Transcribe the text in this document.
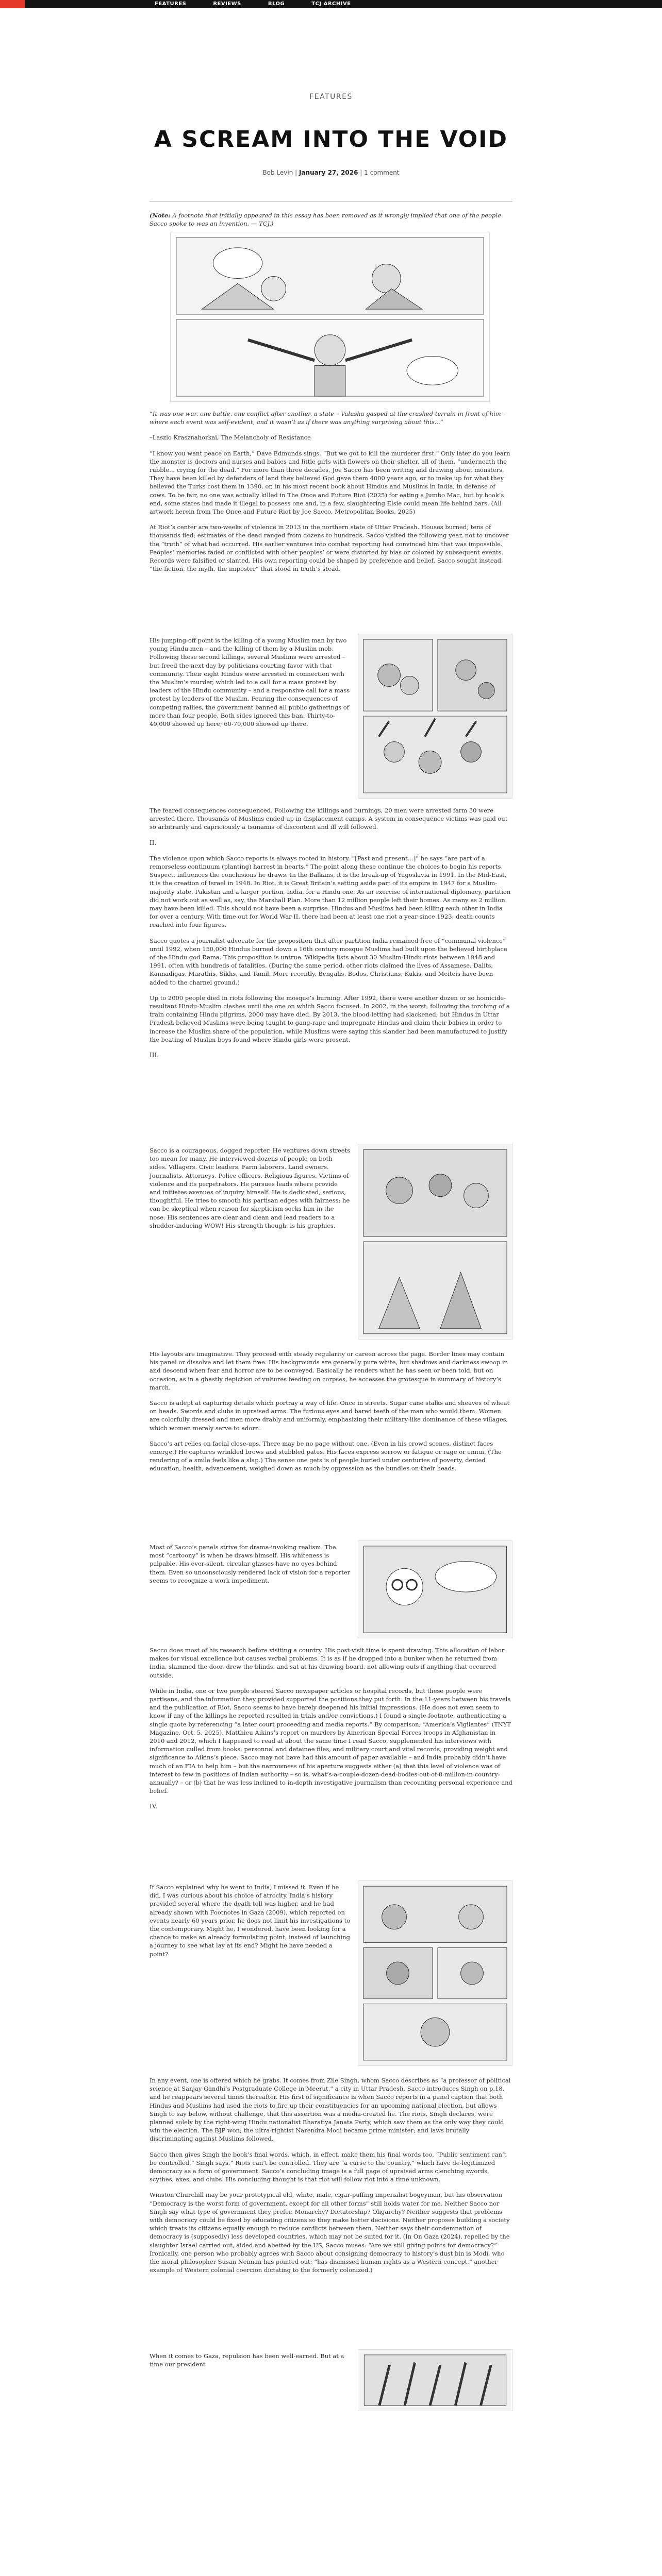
FEATURES	REVIEWS	BLOG	TCJ ARCHIVE
FEATURES
A SCREAM INTO THE VOID
Bob Levin | January 27, 2026 | 1 comment

(Note: A footnote that initially appeared in this essay has been removed as it wrongly implied that one of the people Sacco spoke to was an invention. — TCJ.)

“It was one war, one battle, one conflict after another, a state – Valusha gasped at the crushed terrain in front of him – where each event was self-evident, and it wasn’t as if there was anything surprising about this...”

–Laszlo Krasznahorkai, The Melancholy of Resistance

“I know you want peace on Earth,” Dave Edmunds sings. “But we got to kill the murderer first.” Only later do you learn the monster is doctors and nurses and babies and little girls with flowers on their shelter, all of them, “underneath the rubble... crying for the dead.” For more than three decades, Joe Sacco has been writing and drawing about monsters. They have been killed by defenders of land they believed God gave them 4000 years ago, or to make up for what they believed the Turks cost them in 1390, or, in his most recent book about Hindus and Muslims in India, in defense of cows. To be fair, no one was actually killed in The Once and Future Riot (2025) for eating a Jumbo Mac, but by book’s end, some states had made it illegal to possess one and, in a few, slaughtering Elsie could mean life behind bars. (All artwork herein from The Once and Future Riot by Joe Sacco, Metropolitan Books, 2025)

At Riot’s center are two-weeks of violence in 2013 in the northern state of Uttar Pradesh. Houses burned; tens of thousands fled; estimates of the dead ranged from dozens to hundreds. Sacco visited the following year, not to uncover the “truth” of what had occurred. His earlier ventures into combat reporting had convinced him that was impossible. Peoples’ memories faded or conflicted with other peoples’ or were distorted by bias or colored by subsequent events. Records were falsified or slanted. His own reporting could be shaped by preference and belief. Sacco sought instead, “the fiction, the myth, the imposter” that stood in truth’s stead.

His jumping-off point is the killing of a young Muslim man by two young Hindu men – and the killing of them by a Muslim mob. Following these second killings, several Muslims were arrested – but freed the next day by politicians courting favor with that community. Their eight Hindus were arrested in connection with the Muslim’s murder, which led to a call for a mass protest by leaders of the Hindu community – and a responsive call for a mass protest by leaders of the Muslim. Fearing the consequences of competing rallies, the government banned all public gatherings of more than four people. Both sides ignored this ban. Thirty-to-40,000 showed up here; 60-70,000 showed up there.

The feared consequences consequenced. Following the killings and burnings, 20 men were arrested farm 30 were arrested there. Thousands of Muslims ended up in displacement camps. A system in consequence victims was paid out so arbitrarily and capriciously a tsunamis of discontent and ill will followed.

II.

The violence upon which Sacco reports is always rooted in history. “[Past and present...]” he says “are part of a remorseless continuum (planting) harrest in hearts.” The point along these continue the choices to begin his reports. Suspect, influences the conclusions he draws. In the Balkans, it is the break-up of Yugoslavia in 1991. In the Mid-East, it is the creation of Israel in 1948. In Riot, it is Great Britain’s setting aside part of its empire in 1947 for a Muslim-majority state, Pakistan and a larger portion, India, for a Hindu one. As an exercise of international diplomacy, partition did not work out as well as, say, the Marshall Plan. More than 12 million people left their homes. As many as 2 million may have been killed. This should not have been a surprise. Hindus and Muslims had been killing each other in India for over a century. With time out for World War II, there had been at least one riot a year since 1923; death counts reached into four figures.

Sacco quotes a journalist advocate for the proposition that after partition India remained free of “communal violence” until 1992, when 150,000 Hindus burned down a 16th century mosque Muslims had built upon the believed birthplace of the Hindu god Rama. This proposition is untrue. Wikipedia lists about 30 Muslim-Hindu riots between 1948 and 1991, often with hundreds of fatalities. (During the same period, other riots claimed the lives of Assamese, Dalits, Kannadigas, Marathis, Sikhs, and Tamil. More recently, Bengalis, Bodos, Christians, Kukis, and Meiteis have been added to the charnel ground.)

Up to 2000 people died in riots following the mosque’s burning. After 1992, there were another dozen or so homicide-resultant Hindu-Muslim clashes until the one on which Sacco focused. In 2002, in the worst, following the torching of a train containing Hindu pilgrims, 2000 may have died. By 2013, the blood-letting had slackened; but Hindus in Uttar Pradesh believed Muslims were being taught to gang-rape and impregnate Hindus and claim their babies in order to increase the Muslim share of the population, while Muslims were saying this slander had been manufactured to justify the beating of Muslim boys found where Hindu girls were present.

III.

Sacco is a courageous, dogged reporter. He ventures down streets too mean for many. He interviewed dozens of people on both sides. Villagers. Civic leaders. Farm laborers. Land owners. Journalists. Attorneys. Police officers. Religious figures. Victims of violence and its perpetrators. He pursues leads where provide and initiates avenues of inquiry himself. He is dedicated, serious, thoughtful. He tries to smooth his partisan edges with fairness; he can be skeptical when reason for skepticism socks him in the nose. His sentences are clear and clean and lead readers to a shudder-inducing WOW! His strength though, is his graphics.

His layouts are imaginative. They proceed with steady regularity or careen across the page. Border lines may contain his panel or dissolve and let them free. His backgrounds are generally pure white, but shadows and darkness swoop in and descend when fear and horror are to be conveyed. Basically he renders what he has seen or been told, but on occasion, as in a ghastly depiction of vultures feeding on corpses, he accesses the grotesque in summary of history’s march.

Sacco is adept at capturing details which portray a way of life. Once in streets. Sugar cane stalks and sheaves of wheat on heads. Swords and clubs in upraised arms. The furious eyes and bared teeth of the man who would them. Women are colorfully dressed and men more drably and uniformly, emphasizing their military-like dominance of these villages, which women merely serve to adorn.

Sacco’s art relies on facial close-ups. There may be no page without one. (Even in his crowd scenes, distinct faces emerge.) He captures wrinkled brows and stubbled pates. His faces express sorrow or fatigue or rage or ennui. (The rendering of a smile feels like a slap.) The sense one gets is of people buried under centuries of poverty, denied education, health, advancement, weighed down as much by oppression as the bundles on their heads.

Most of Sacco’s panels strive for drama-invoking realism. The most “cartoony” is when he draws himself. His whiteness is palpable. His ever-silent, circular glasses have no eyes behind them. Even so unconsciously rendered lack of vision for a reporter seems to recognize a work impediment.

Sacco does most of his research before visiting a country. His post-visit time is spent drawing. This allocation of labor makes for visual excellence but causes verbal problems. It is as if he dropped into a bunker when he returned from India, slammed the door, drew the blinds, and sat at his drawing board, not allowing outs if anything that occurred outside.

While in India, one or two people steered Sacco newspaper articles or hospital records, but these people were partisans, and the information they provided supported the positions they put forth. In the 11-years between his travels and the publication of Riot, Sacco seems to have barely deepened his initial impressions. (He does not even seem to know if any of the killings he reported resulted in trials and/or convictions.) I found a single footnote, authenticating a single quote by referencing “a later court proceeding and media reports.” By comparison, “America’s Vigilantes” (TNYT Magazine, Oct. 5, 2025), Matthieu Aikins’s report on murders by American Special Forces troops in Afghanistan in 2010 and 2012, which I happened to read at about the same time I read Sacco, supplemented his interviews with information culled from books, personnel and detainee files, and military court and vital records, providing weight and significance to Aikins’s piece. Sacco may not have had this amount of paper available – and India probably didn’t have much of an FIA to help him – but the narrowness of his aperture suggests either (a) that this level of violence was of interest to few in positions of Indian authority – so is, what’s-a-couple-dozen-dead-bodies-out-of-8-million-in-country-annually? – or (b) that he was less inclined to in-depth investigative journalism than recounting personal experience and belief.

IV.

If Sacco explained why he went to India, I missed it. Even if he did, I was curious about his choice of atrocity. India’s history provided several where the death toll was higher, and he had already shown with Footnotes in Gaza (2009), which reported on events nearly 60 years prior, he does not limit his investigations to the contemporary. Might he, I wondered, have been looking for a chance to make an already formulating point, instead of launching a journey to see what lay at its end? Might he have needed a point?

In any event, one is offered which he grabs. It comes from Zile Singh, whom Sacco describes as “a professor of political science at Sanjay Gandhi’s Postgraduate College in Meerut,” a city in Uttar Pradesh. Sacco introduces Singh on p.18, and he reappears several times thereafter. His first of significance is when Sacco reports in a panel caption that both Hindus and Muslims had used the riots to fire up their constituencies for an upcoming national election, but allows Singh to say below, without challenge, that this assertion was a media-created lie. The riots, Singh declares, were planned solely by the right-wing Hindu nationalist Bharatiya Janata Party, which saw them as the only way they could win the election. The BJP won; the ultra-rightist Narendra Modi became prime minister; and laws brutally discriminating against Muslims followed.

Sacco then gives Singh the book’s final words, which, in effect, make them his final words too. “Public sentiment can’t be controlled,” Singh says.” Riots can’t be controlled. They are “a curse to the country,” which have de-legitimized democracy as a form of government. Sacco’s concluding image is a full page of upraised arms clenching swords, scythes, axes, and clubs. His concluding thought is that riot will follow riot into a time unknown.

Winston Churchill may be your prototypical old, white, male, cigar-puffing imperialist bogeyman, but his observation “Democracy is the worst form of government, except for all other forms” still holds water for me. Neither Sacco nor Singh say what type of government they prefer. Monarchy? Dictatorship? Oligarchy? Neither suggests that problems with democracy could be fixed by educating citizens so they make better decisions. Neither proposes building a society which treats its citizens equally enough to reduce conflicts between them. Neither says their condemnation of democracy is (supposedly) less developed countries, which may not be suited for it. (In On Gaza (2024), repelled by the slaughter Israel carried out, aided and abetted by the US, Sacco muses: “Are we still giving points for democracy?” Ironically, one person who probably agrees with Sacco about consigning democracy to history’s dust bin is Modi, who the moral philosopher Susan Neiman has pointed out: “has dismissed human rights as a Western concept,” another example of Western colonial coercion dictating to the formerly colonized.)

When it comes to Gaza, repulsion has been well-earned. But at a time our president
